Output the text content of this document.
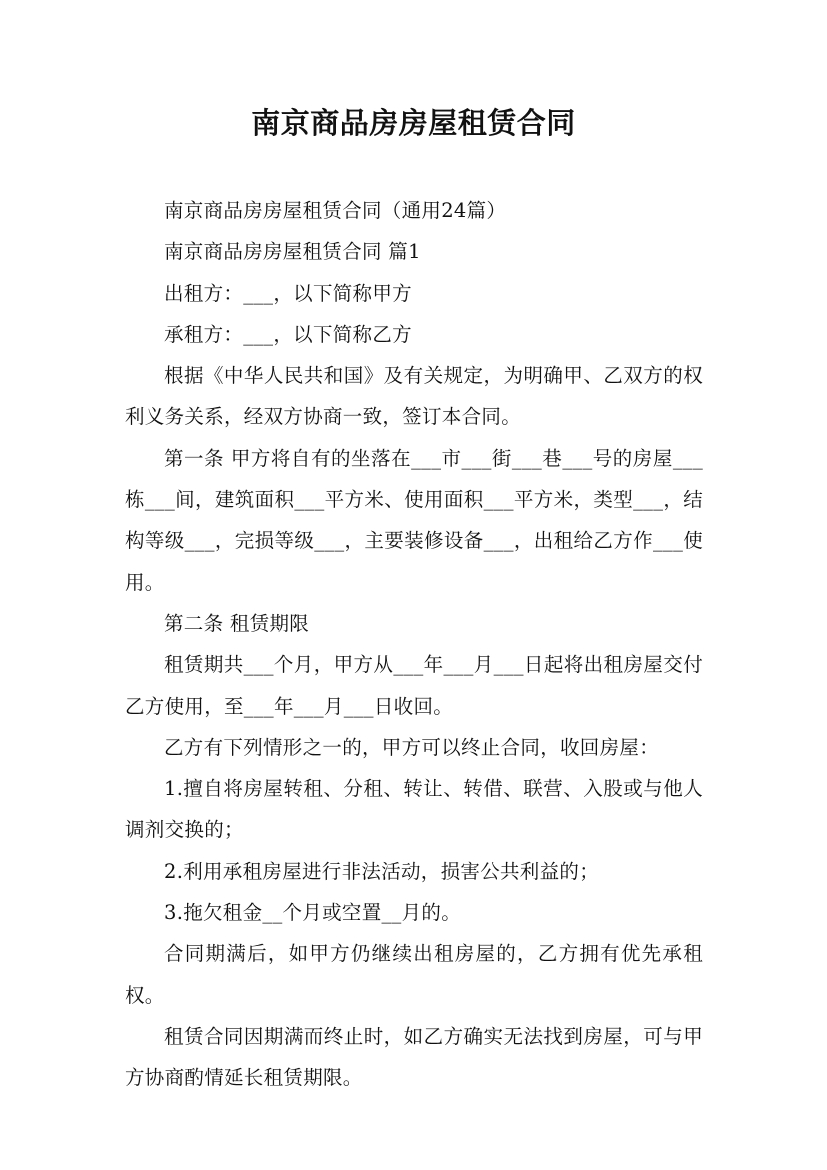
南京商品房房屋租赁合同

南京商品房房屋租赁合同（通用24篇）

南京商品房房屋租赁合同 篇1

出租方：___，以下简称甲方

承租方：___，以下简称乙方

根据《中华人民共和国》及有关规定，为明确甲、乙双方的权利义务关系，经双方协商一致，签订本合同。

第一条 甲方将自有的坐落在___市___街___巷___号的房屋___栋___间，建筑面积___平方米、使用面积___平方米，类型___，结构等级___，完损等级___，主要装修设备___，出租给乙方作___使用。

第二条 租赁期限

租赁期共___个月，甲方从___年___月___日起将出租房屋交付乙方使用，至___年___月___日收回。

乙方有下列情形之一的，甲方可以终止合同，收回房屋：

1.擅自将房屋转租、分租、转让、转借、联营、入股或与他人调剂交换的；

2.利用承租房屋进行非法活动，损害公共利益的；

3.拖欠租金__个月或空置__月的。

合同期满后，如甲方仍继续出租房屋的，乙方拥有优先承租权。

租赁合同因期满而终止时，如乙方确实无法找到房屋，可与甲方协商酌情延长租赁期限。
